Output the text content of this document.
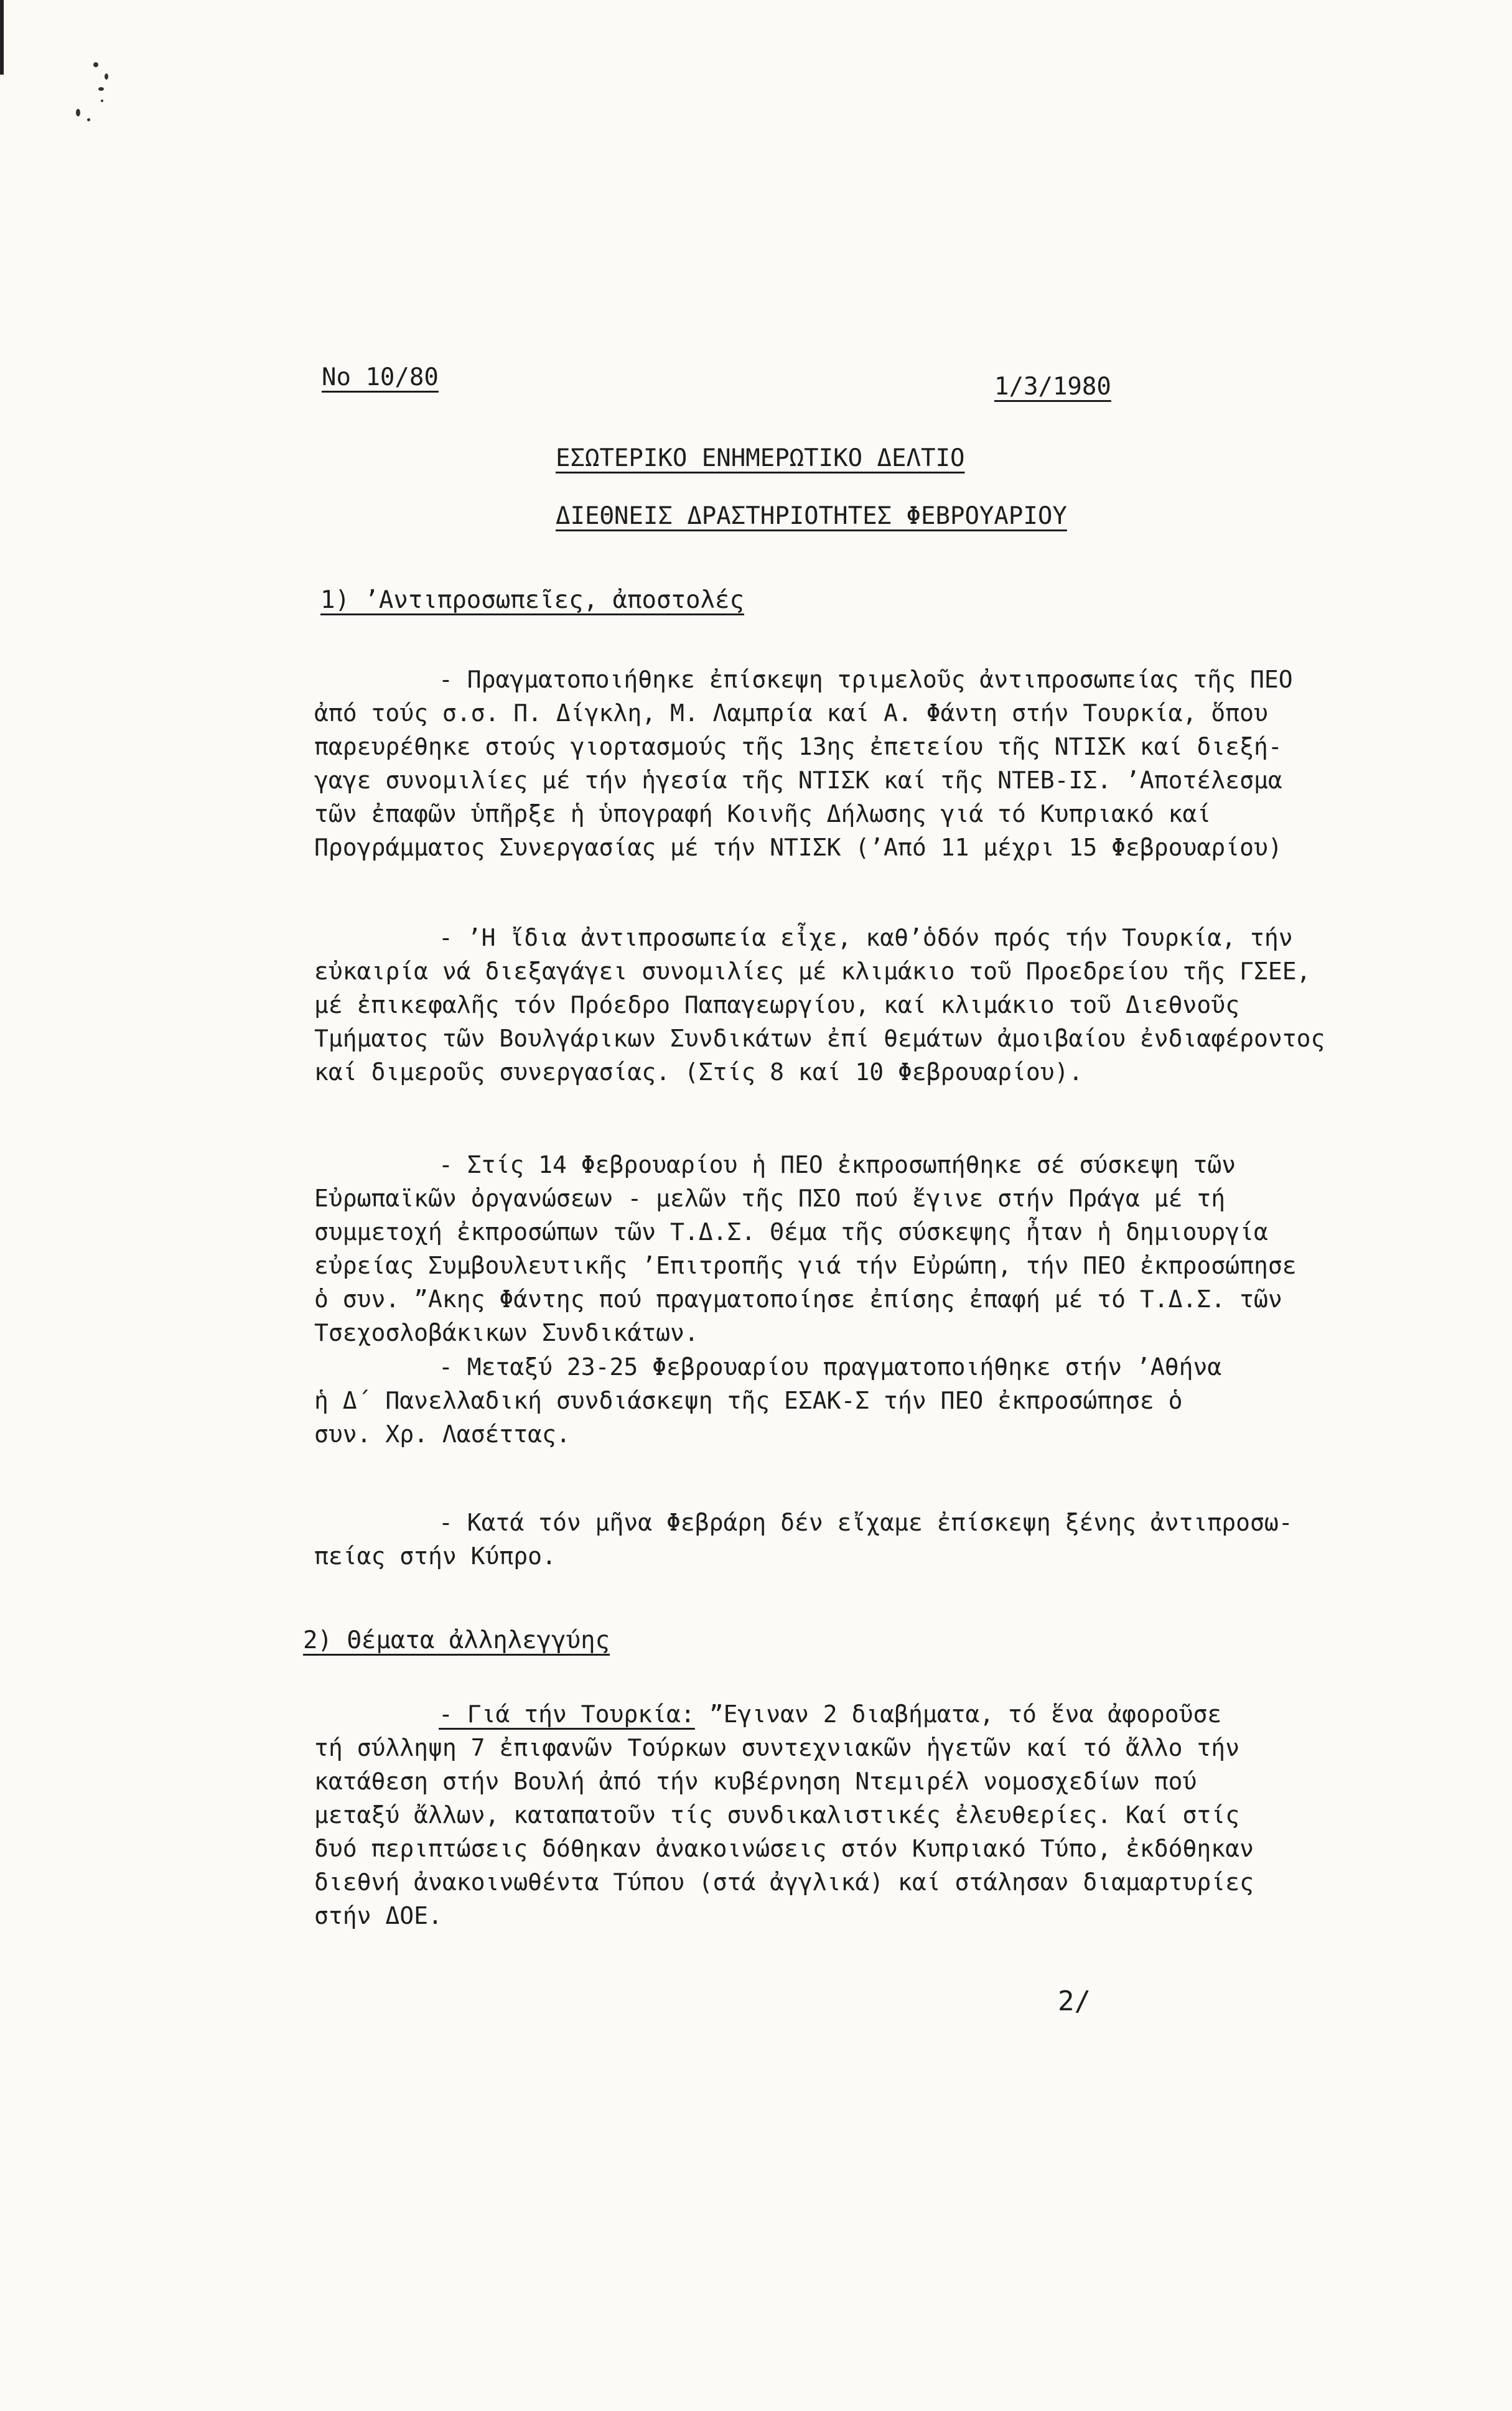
No 10/80	1/3/1980
ΕΣΩΤΕΡΙΚΟ ΕΝΗΜΕΡΩΤΙΚΟ ΔΕΛΤΙΟ
ΔΙΕΘΝΕΙΣ ΔΡΑΣΤΗΡΙΟΤΗΤΕΣ ΦΕΒΡΟΥΑΡΙΟΥ
1) ’Αντιπροσωπεῖες, ἀποστολές
- Πραγματοποιήθηκε ἐπίσκεψη τριμελοῦς ἀντιπροσωπείας τῆς ΠΕΟ
ἀπό τούς σ.σ. Π. Δίγκλη, Μ. Λαμπρία καί Α. Φάντη στήν Τουρκία, ὅπου
παρευρέθηκε στούς γιορτασμούς τῆς 13ης ἐπετείου τῆς ΝΤΙΣΚ καί διεξή-
γαγε συνομιλίες μέ τήν ἡγεσία τῆς ΝΤΙΣΚ καί τῆς ΝΤΕΒ-ΙΣ. ’Αποτέλεσμα
τῶν ἐπαφῶν ὑπῆρξε ἡ ὑπογραφή Κοινῆς Δήλωσης γιά τό Κυπριακό καί
Προγράμματος Συνεργασίας μέ τήν ΝΤΙΣΚ (’Από 11 μέχρι 15 Φεβρουαρίου)
- ’Η ἴδια ἀντιπροσωπεία εἶχε, καθ’ὁδόν πρός τήν Τουρκία, τήν
εὐκαιρία νά διεξαγάγει συνομιλίες μέ κλιμάκιο τοῦ Προεδρείου τῆς ΓΣΕΕ,
μέ ἐπικεφαλῆς τόν Πρόεδρο Παπαγεωργίου, καί κλιμάκιο τοῦ Διεθνοῦς
Τμήματος τῶν Βουλγάρικων Συνδικάτων ἐπί θεμάτων ἀμοιβαίου ἐνδιαφέροντος
καί διμεροῦς συνεργασίας. (Στίς 8 καί 10 Φεβρουαρίου).
- Στίς 14 Φεβρουαρίου ἡ ΠΕΟ ἐκπροσωπήθηκε σέ σύσκεψη τῶν
Εὐρωπαϊκῶν ὀργανώσεων - μελῶν τῆς ΠΣΟ πού ἔγινε στήν Πράγα μέ τή
συμμετοχή ἐκπροσώπων τῶν Τ.Δ.Σ. Θέμα τῆς σύσκεψης ἦταν ἡ δημιουργία
εὐρείας Συμβουλευτικῆς ’Επιτροπῆς γιά τήν Εὐρώπη, τήν ΠΕΟ ἐκπροσώπησε
ὁ συν. ”Ακης Φάντης πού πραγματοποίησε ἐπίσης ἐπαφή μέ τό Τ.Δ.Σ. τῶν
Τσεχοσλοβάκικων Συνδικάτων.
- Μεταξύ 23-25 Φεβρουαρίου πραγματοποιήθηκε στήν ’Αθήνα
ἡ Δ΄ Πανελλαδική συνδιάσκεψη τῆς ΕΣΑΚ-Σ τήν ΠΕΟ ἐκπροσώπησε ὁ
συν. Χρ. Λασέττας.
- Κατά τόν μῆνα Φεβράρη δέν εἴχαμε ἐπίσκεψη ξένης ἀντιπροσω-
πείας στήν Κύπρο.
2) Θέματα ἀλληλεγγύης
- Γιά τήν Τουρκία: ”Εγιναν 2 διαβήματα, τό ἕνα ἀφοροῦσε
τή σύλληψη 7 ἐπιφανῶν Τούρκων συντεχνιακῶν ἡγετῶν καί τό ἄλλο τήν
κατάθεση στήν Βουλή ἀπό τήν κυβέρνηση Ντεμιρέλ νομοσχεδίων πού
μεταξύ ἄλλων, καταπατοῦν τίς συνδικαλιστικές ἐλευθερίες. Καί στίς
δυό περιπτώσεις δόθηκαν ἀνακοινώσεις στόν Κυπριακό Τύπο, ἐκδόθηκαν
διεθνή ἀνακοινωθέντα Τύπου (στά ἀγγλικά) καί στάλησαν διαμαρτυρίες
στήν ΔΟΕ.
2/
